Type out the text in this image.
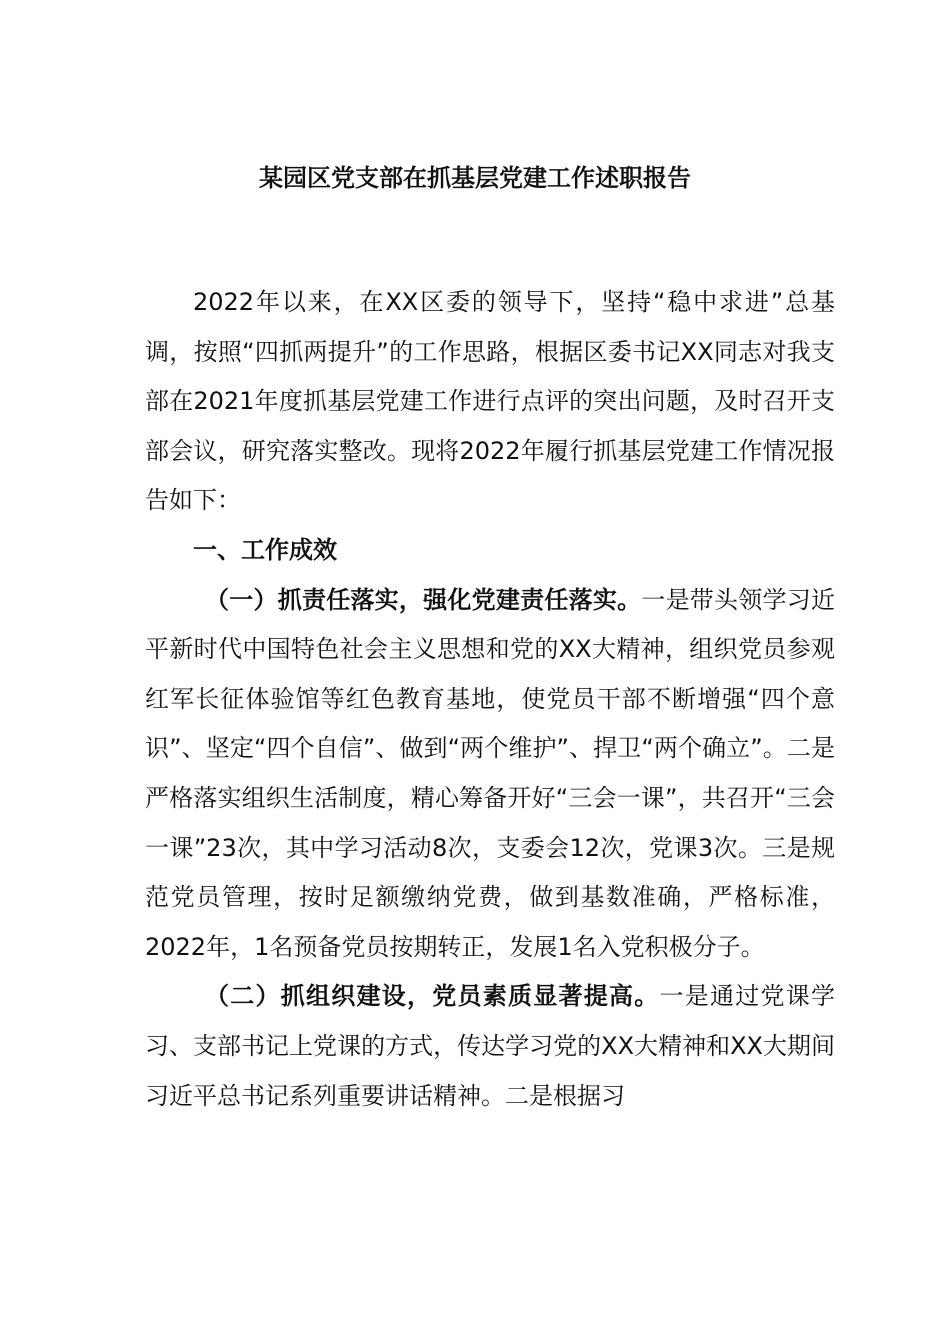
某园区党支部在抓基层党建工作述职报告

2022年以来，在XX区委的领导下，坚持“稳中求进”总基调，按照“四抓两提升”的工作思路，根据区委书记XX同志对我支部在2021年度抓基层党建工作进行点评的突出问题，及时召开支部会议，研究落实整改。现将2022年履行抓基层党建工作情况报告如下：

一、工作成效

（一）抓责任落实，强化党建责任落实。一是带头领学习近平新时代中国特色社会主义思想和党的XX大精神，组织党员参观红军长征体验馆等红色教育基地，使党员干部不断增强“四个意识”、坚定“四个自信”、做到“两个维护”、捍卫“两个确立”。二是严格落实组织生活制度，精心筹备开好“三会一课”，共召开“三会一课”23次，其中学习活动8次，支委会12次，党课3次。三是规范党员管理，按时足额缴纳党费，做到基数准确，严格标准，2022年，1名预备党员按期转正，发展1名入党积极分子。

（二）抓组织建设，党员素质显著提高。一是通过党课学习、支部书记上党课的方式，传达学习党的XX大精神和XX大期间习近平总书记系列重要讲话精神。二是根据习
